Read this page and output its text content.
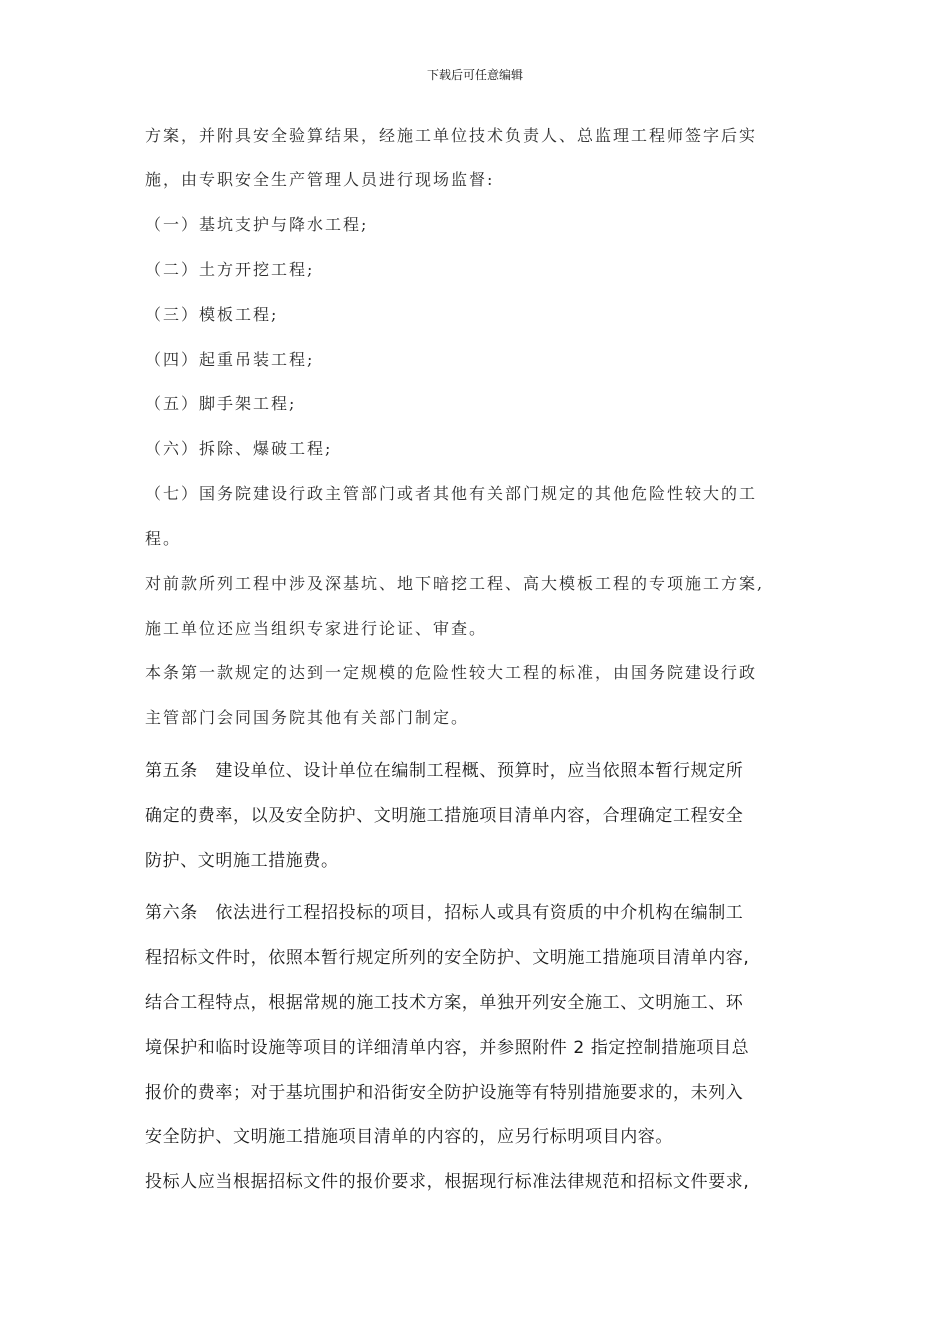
下载后可任意编辑
方案，并附具安全验算结果，经施工单位技术负责人、总监理工程师签字后实
施，由专职安全生产管理人员进行现场监督:
（一）基坑支护与降水工程;
（二）土方开挖工程;
（三）模板工程;
（四）起重吊装工程;
（五）脚手架工程;
（六）拆除、爆破工程;
（七）国务院建设行政主管部门或者其他有关部门规定的其他危险性较大的工
程。
对前款所列工程中涉及深基坑、地下暗挖工程、高大模板工程的专项施工方案,
施工单位还应当组织专家进行论证、审查。
本条第一款规定的达到一定规模的危险性较大工程的标准，由国务院建设行政
主管部门会同国务院其他有关部门制定。
第五条　建设单位、设计单位在编制工程概、预算时，应当依照本暂行规定所
确定的费率，以及安全防护、文明施工措施项目清单内容，合理确定工程安全
防护、文明施工措施费。
第六条　依法进行工程招投标的项目，招标人或具有资质的中介机构在编制工
程招标文件时，依照本暂行规定所列的安全防护、文明施工措施项目清单内容,
结合工程特点，根据常规的施工技术方案，单独开列安全施工、文明施工、环
境保护和临时设施等项目的详细清单内容，并参照附件 2 指定控制措施项目总
报价的费率；对于基坑围护和沿街安全防护设施等有特别措施要求的，未列入
安全防护、文明施工措施项目清单的内容的，应另行标明项目内容。
投标人应当根据招标文件的报价要求，根据现行标准法律规范和招标文件要求,
